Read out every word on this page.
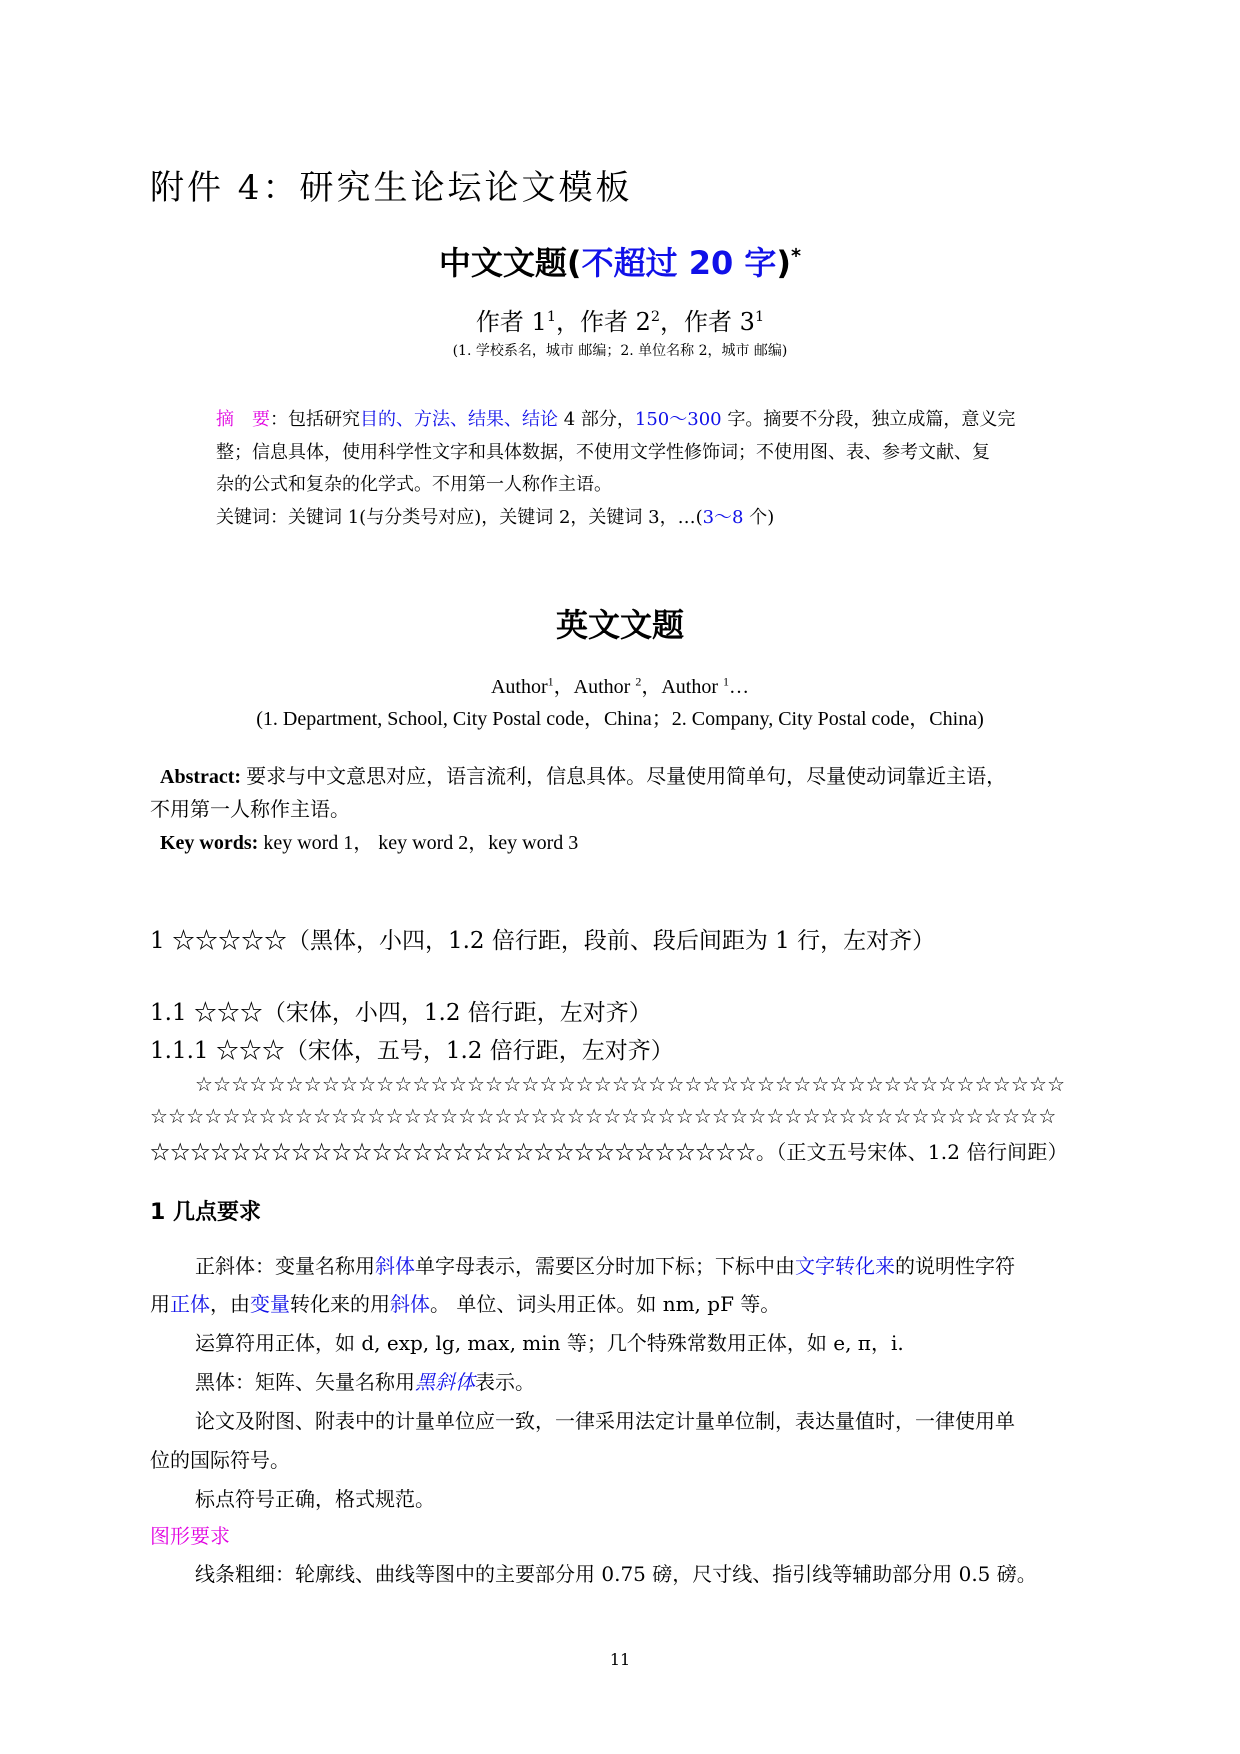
附件 4：研究生论坛论文模板
中文文题(不超过 20 字)*
作者 $1^1$，作者 $2^2$，作者 $3^1$
(1. 学校系名，城市 邮编；2. 单位名称 2，城市 邮编)
摘　要：包括研究目的、方法、结果、结论 4 部分，150～300 字。摘要不分段，独立成篇，意义完
整；信息具体，使用科学性文字和具体数据，不使用文学性修饰词；不使用图、表、参考文献、复
杂的公式和复杂的化学式。不用第一人称作主语。
关键词：关键词 1(与分类号对应)，关键词 2，关键词 3，…(3～8 个)
英文文题
Author$^1$，Author $^2$，Author $^1$…
(1. Department, School, City Postal code，China；2. Company, City Postal code，China)
Abstract: 要求与中文意思对应，语言流利，信息具体。尽量使用简单句，尽量使动词靠近主语，
不用第一人称作主语。
Key words: key word 1， key word 2，key word 3
1 ☆☆☆☆☆（黑体，小四，1.2 倍行距，段前、段后间距为 1 行，左对齐）
1.1 ☆☆☆（宋体，小四，1.2 倍行距，左对齐）
1.1.1 ☆☆☆（宋体，五号，1.2 倍行距，左对齐）
☆☆☆☆☆☆☆☆☆☆☆☆☆☆☆☆☆☆☆☆☆☆☆☆☆☆☆☆☆☆☆☆☆☆☆☆☆☆☆☆☆☆☆☆☆☆☆☆
☆☆☆☆☆☆☆☆☆☆☆☆☆☆☆☆☆☆☆☆☆☆☆☆☆☆☆☆☆☆☆☆☆☆☆☆☆☆☆☆☆☆☆☆☆☆☆☆☆☆
☆☆☆☆☆☆☆☆☆☆☆☆☆☆☆☆☆☆☆☆☆☆☆☆☆☆☆☆☆☆。（正文五号宋体、1.2 倍行间距）
1 几点要求
正斜体：变量名称用斜体单字母表示，需要区分时加下标；下标中由文字转化来的说明性字符
用正体，由变量转化来的用斜体。 单位、词头用正体。如 nm, pF 等。
运算符用正体，如 d, exp, lg, max, min 等；几个特殊常数用正体，如 e, π，i.
黑体：矩阵、矢量名称用黑斜体表示。
论文及附图、附表中的计量单位应一致，一律采用法定计量单位制，表达量值时，一律使用单
位的国际符号。
标点符号正确，格式规范。
图形要求
线条粗细：轮廓线、曲线等图中的主要部分用 0.75 磅，尺寸线、指引线等辅助部分用 0.5 磅。
11
